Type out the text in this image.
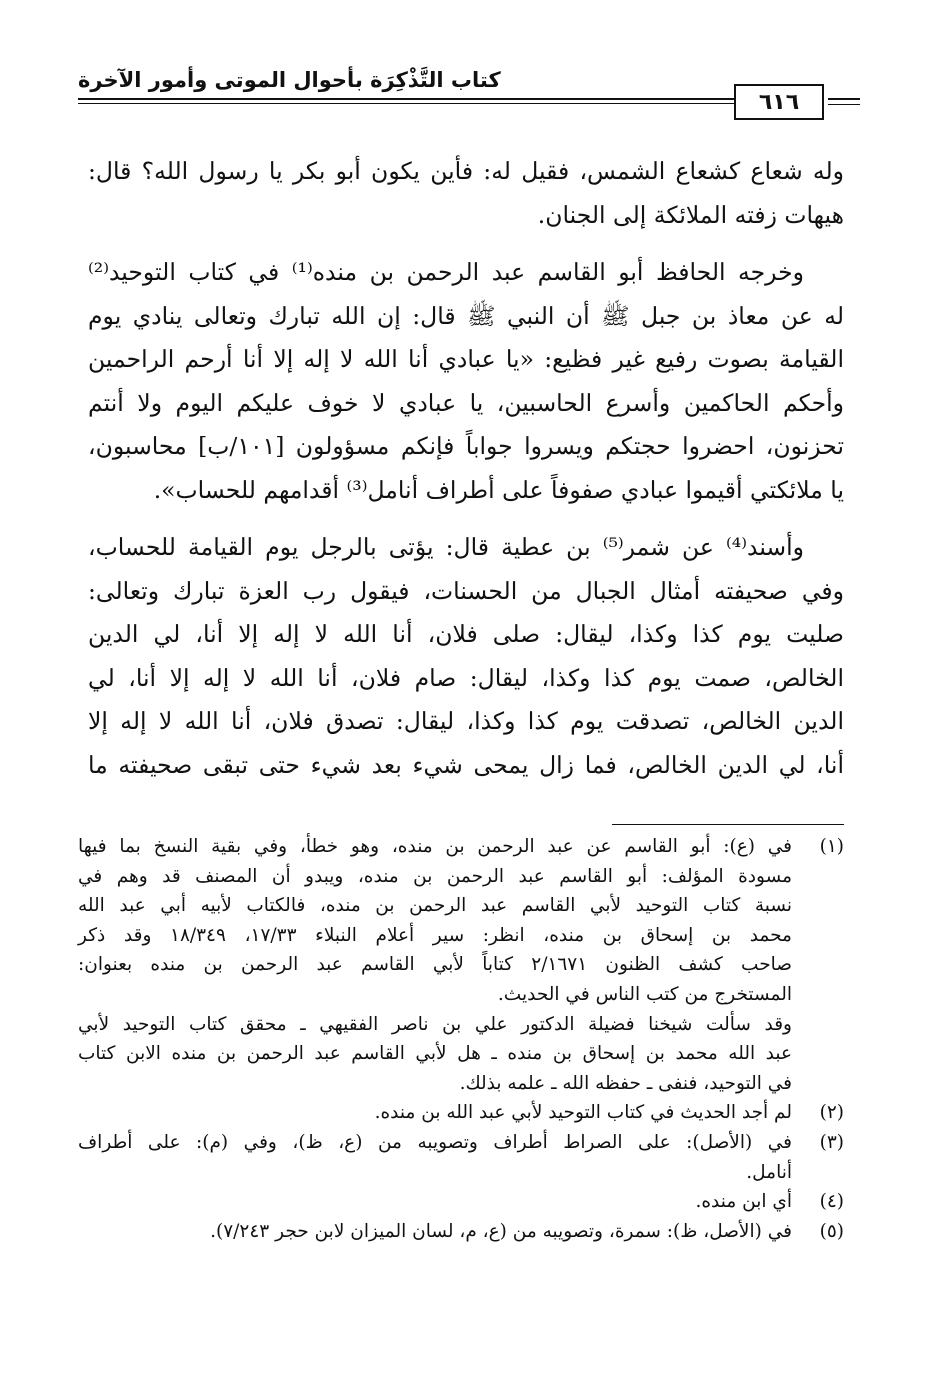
كتاب التَّذْكِرَة بأحوال الموتى وأمور الآخرة
٦١٦

وله شعاع كشعاع الشمس، فقيل له: فأين يكون أبو بكر يا رسول الله؟ قال:
هيهات زفته الملائكة إلى الجنان.

وخرجه الحافظ أبو القاسم عبد الرحمن بن منده⁽¹⁾ في كتاب التوحيد⁽²⁾
له عن معاذ بن جبل ﷺ أن النبي ﷺ قال: إن الله تبارك وتعالى ينادي يوم
القيامة بصوت رفيع غير فظيع: «يا عبادي أنا الله لا إله إلا أنا أرحم الراحمين
وأحكم الحاكمين وأسرع الحاسبين، يا عبادي لا خوف عليكم اليوم ولا أنتم
تحزنون، احضروا حجتكم ويسروا جواباً فإنكم مسؤولون [١٠١/ب] محاسبون،
يا ملائكتي أقيموا عبادي صفوفاً على أطراف أنامل⁽³⁾ أقدامهم للحساب».

وأسند⁽⁴⁾ عن شمر⁽⁵⁾ بن عطية قال: يؤتى بالرجل يوم القيامة للحساب،
وفي صحيفته أمثال الجبال من الحسنات، فيقول رب العزة تبارك وتعالى:
صليت يوم كذا وكذا، ليقال: صلى فلان، أنا الله لا إله إلا أنا، لي الدين
الخالص، صمت يوم كذا وكذا، ليقال: صام فلان، أنا الله لا إله إلا أنا، لي
الدين الخالص، تصدقت يوم كذا وكذا، ليقال: تصدق فلان، أنا الله لا إله إلا
أنا، لي الدين الخالص، فما زال يمحى شيء بعد شيء حتى تبقى صحيفته ما

(١)
في (ع): أبو القاسم عن عبد الرحمن بن منده، وهو خطأ، وفي بقية النسخ بما فيها
مسودة المؤلف: أبو القاسم عبد الرحمن بن منده، ويبدو أن المصنف قد وهم في
نسبة كتاب التوحيد لأبي القاسم عبد الرحمن بن منده، فالكتاب لأبيه أبي عبد الله
محمد بن إسحاق بن منده، انظر: سير أعلام النبلاء ١٧/٣٣، ١٨/٣٤٩ وقد ذكر
صاحب كشف الظنون ٢/١٦٧١ كتاباً لأبي القاسم عبد الرحمن بن منده بعنوان:
المستخرج من كتب الناس في الحديث.
وقد سألت شيخنا فضيلة الدكتور علي بن ناصر الفقيهي ـ محقق كتاب التوحيد لأبي
عبد الله محمد بن إسحاق بن منده ـ هل لأبي القاسم عبد الرحمن بن منده الابن كتاب
في التوحيد، فنفى ـ حفظه الله ـ علمه بذلك.
(٢)
لم أجد الحديث في كتاب التوحيد لأبي عبد الله بن منده.
(٣)
في (الأصل): على الصراط أطراف وتصويبه من (ع، ظ)، وفي (م): على أطراف
أنامل.
(٤)
أي ابن منده.
(٥)
في (الأصل، ظ): سمرة، وتصويبه من (ع، م، لسان الميزان لابن حجر ٧/٢٤٣).
